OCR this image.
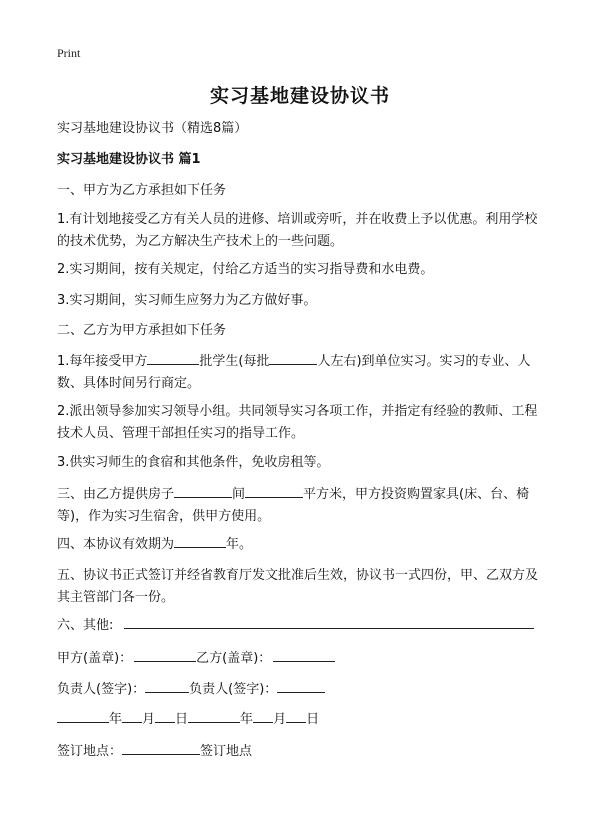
Print
实习基地建设协议书
实习基地建设协议书（精选8篇）
实习基地建设协议书 篇1
一、甲方为乙方承担如下任务
1.有计划地接受乙方有关人员的进修、培训或旁听，并在收费上予以优惠。利用学校的技术优势，为乙方解决生产技术上的一些问题。
2.实习期间，按有关规定，付给乙方适当的实习指导费和水电费。
3.实习期间，实习师生应努力为乙方做好事。
二、乙方为甲方承担如下任务
1.每年接受甲方	批学生(每批	人左右)到单位实习。实习的专业、人数、具体时间另行商定。
2.派出领导参加实习领导小组。共同领导实习各项工作，并指定有经验的教师、工程技术人员、管理干部担任实习的指导工作。
3.供实习师生的食宿和其他条件，免收房租等。
三、由乙方提供房子	间	平方米，甲方投资购置家具(床、台、椅等)，作为实习生宿舍，供甲方使用。
四、本协议有效期为	年。
五、协议书正式签订并经省教育厅发文批准后生效，协议书一式四份，甲、乙双方及其主管部门各一份。
六、其他:
甲方(盖章)：	乙方(盖章)：
负责人(签字)：	负责人(签字)：
年 月 日	年 月 日
签订地点：	签订地点
